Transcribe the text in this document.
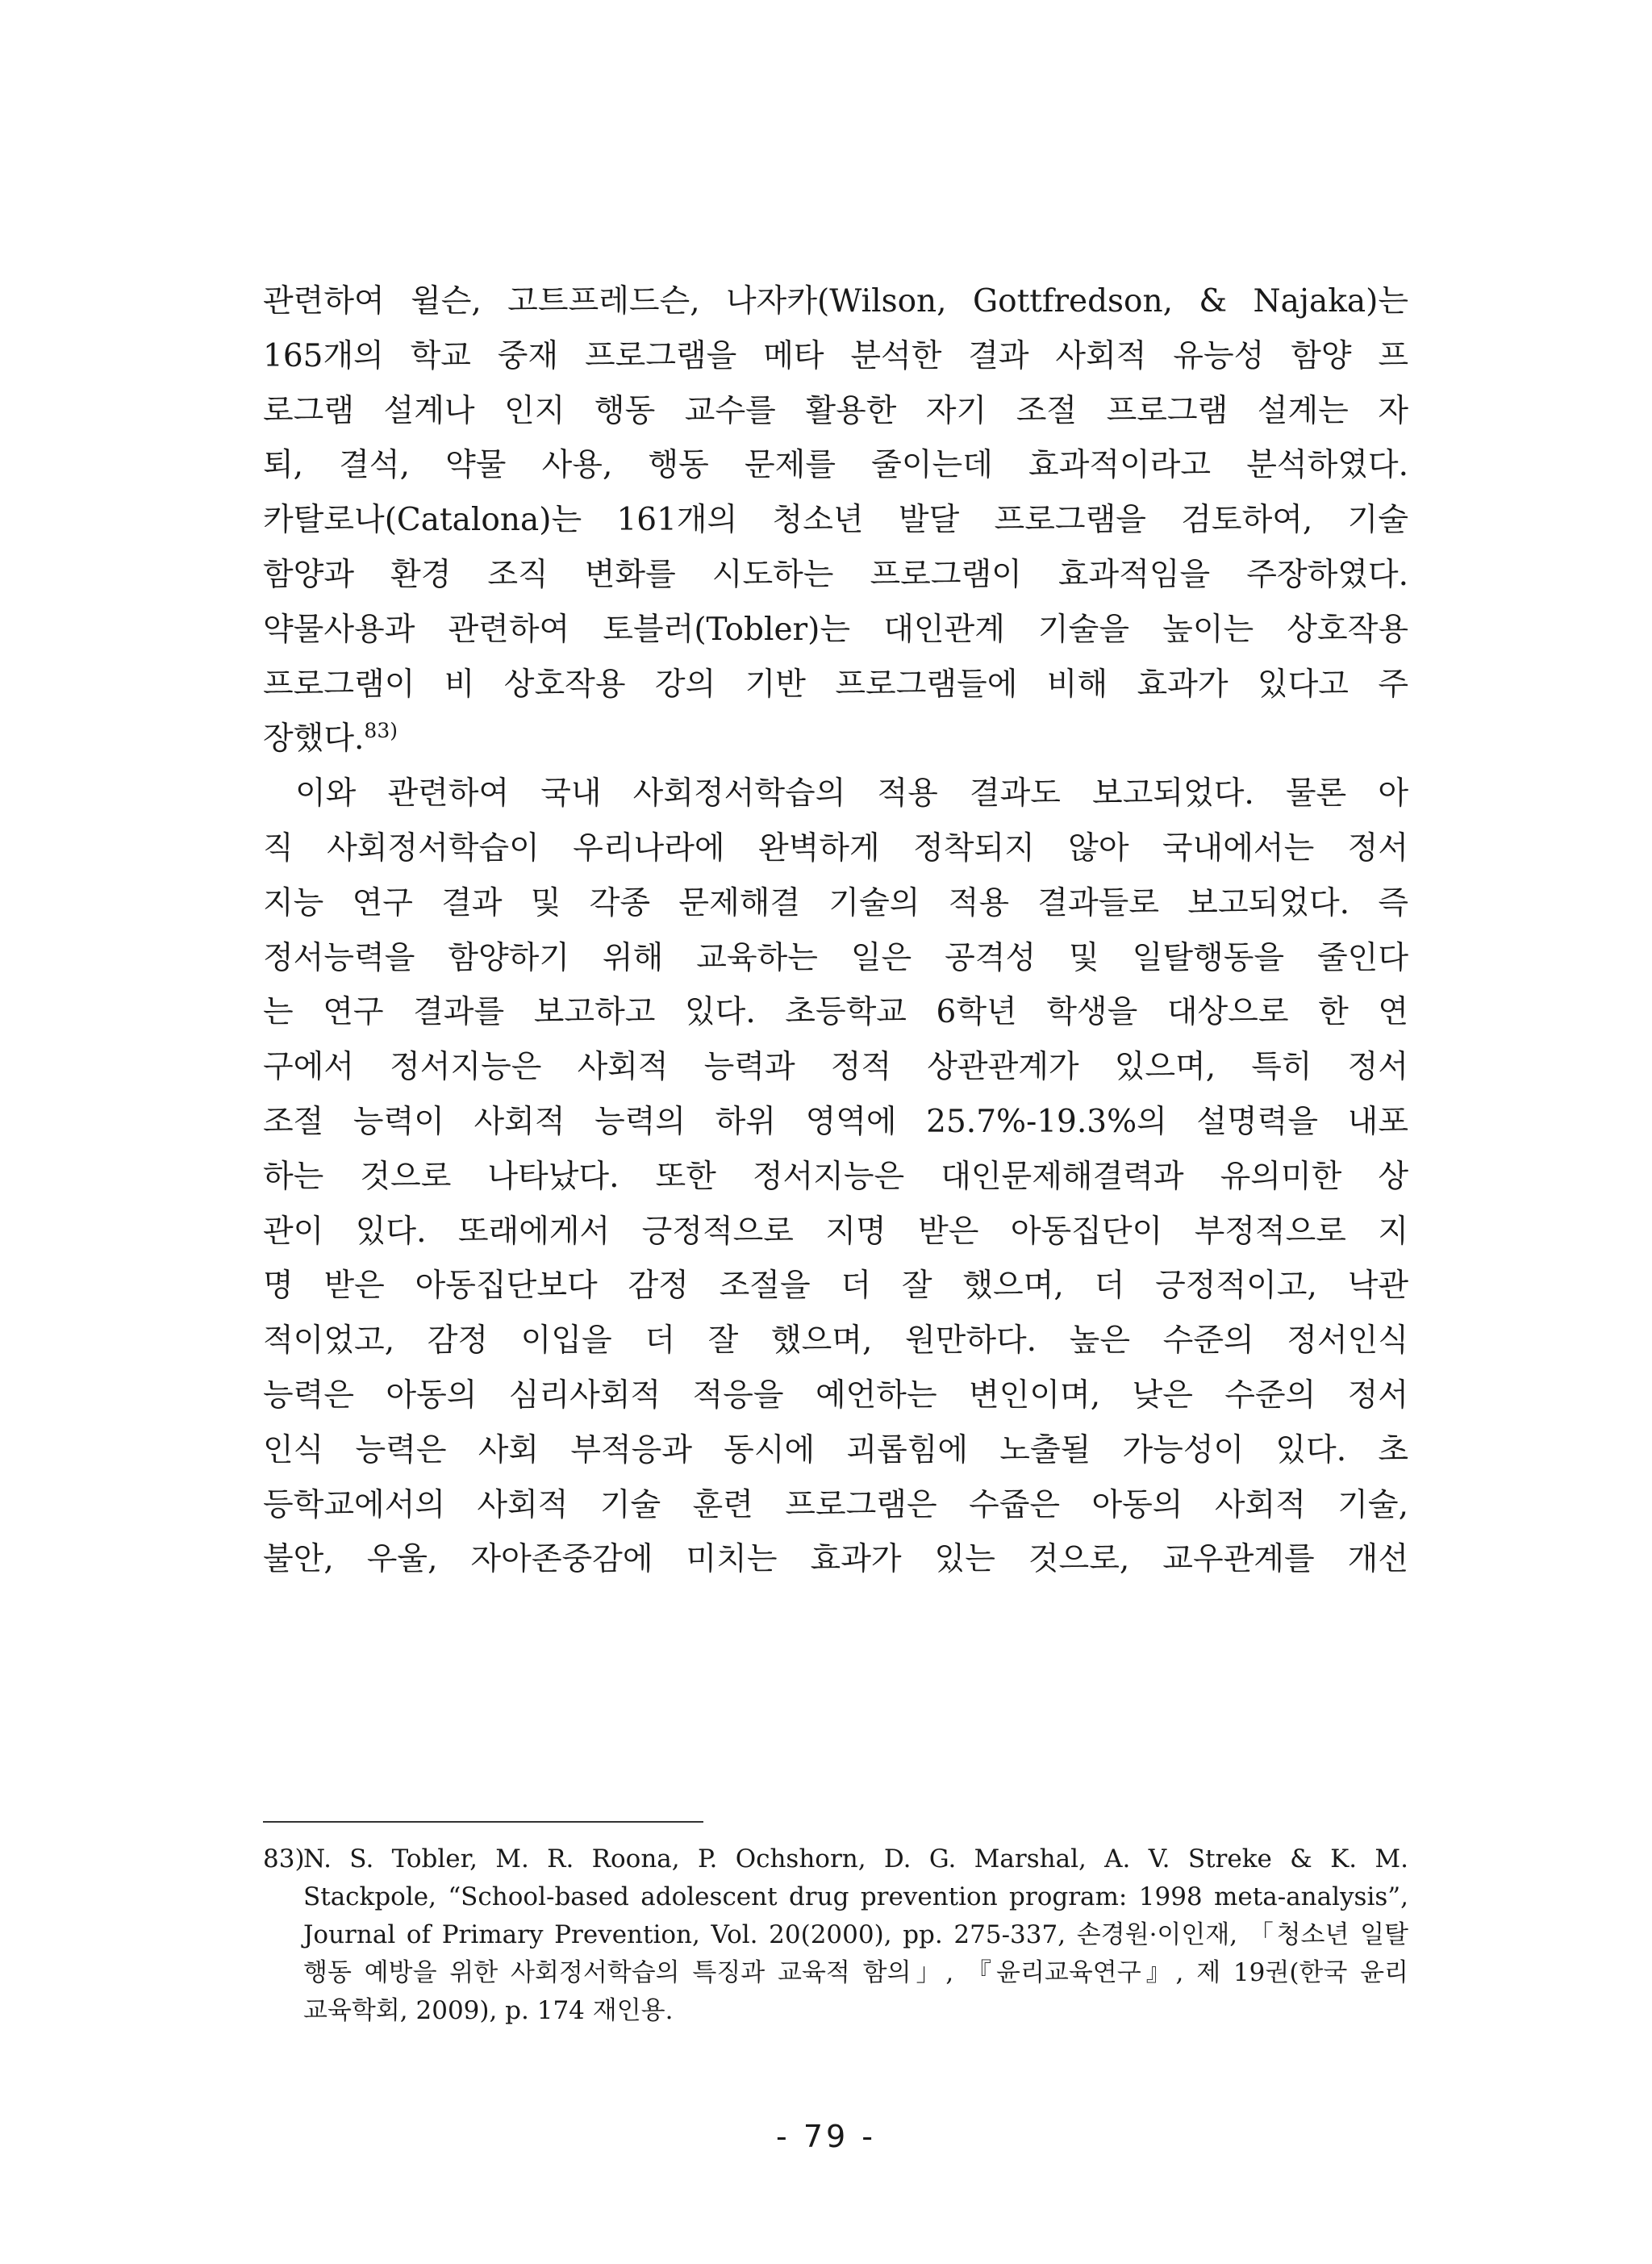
관련하여 윌슨, 고트프레드슨, 나자카(Wilson, Gottfredson, & Najaka)는
165개의 학교 중재 프로그램을 메타 분석한 결과 사회적 유능성 함양 프
로그램 설계나 인지 행동 교수를 활용한 자기 조절 프로그램 설계는 자
퇴, 결석, 약물 사용, 행동 문제를 줄이는데 효과적이라고 분석하였다.
카탈로나(Catalona)는 161개의 청소년 발달 프로그램을 검토하여, 기술
함양과 환경 조직 변화를 시도하는 프로그램이 효과적임을 주장하였다.
약물사용과 관련하여 토블러(Tobler)는 대인관계 기술을 높이는 상호작용
프로그램이 비 상호작용 강의 기반 프로그램들에 비해 효과가 있다고 주
장했다.$^{83)}$
이와 관련하여 국내 사회정서학습의 적용 결과도 보고되었다. 물론 아
직 사회정서학습이 우리나라에 완벽하게 정착되지 않아 국내에서는 정서
지능 연구 결과 및 각종 문제해결 기술의 적용 결과들로 보고되었다. 즉
정서능력을 함양하기 위해 교육하는 일은 공격성 및 일탈행동을 줄인다
는 연구 결과를 보고하고 있다. 초등학교 6학년 학생을 대상으로 한 연
구에서 정서지능은 사회적 능력과 정적 상관관계가 있으며, 특히 정서
조절 능력이 사회적 능력의 하위 영역에 25.7%-19.3%의 설명력을 내포
하는 것으로 나타났다. 또한 정서지능은 대인문제해결력과 유의미한 상
관이 있다. 또래에게서 긍정적으로 지명 받은 아동집단이 부정적으로 지
명 받은 아동집단보다 감정 조절을 더 잘 했으며, 더 긍정적이고, 낙관
적이었고, 감정 이입을 더 잘 했으며, 원만하다. 높은 수준의 정서인식
능력은 아동의 심리사회적 적응을 예언하는 변인이며, 낮은 수준의 정서
인식 능력은 사회 부적응과 동시에 괴롭힘에 노출될 가능성이 있다. 초
등학교에서의 사회적 기술 훈련 프로그램은 수줍은 아동의 사회적 기술,
불안, 우울, 자아존중감에 미치는 효과가 있는 것으로, 교우관계를 개선
83)N. S. Tobler, M. R. Roona, P. Ochshorn, D. G. Marshal, A. V. Streke & K. M.
Stackpole, “School-based adolescent drug prevention program: 1998 meta-analysis”,
Journal of Primary Prevention, Vol. 20(2000), pp. 275-337, 손경원·이인재, 「청소년 일탈
행동 예방을 위한 사회정서학습의 특징과 교육적 함의」, 『윤리교육연구』, 제 19권(한국 윤리
교육학회, 2009), p. 174 재인용.
- 79 -
